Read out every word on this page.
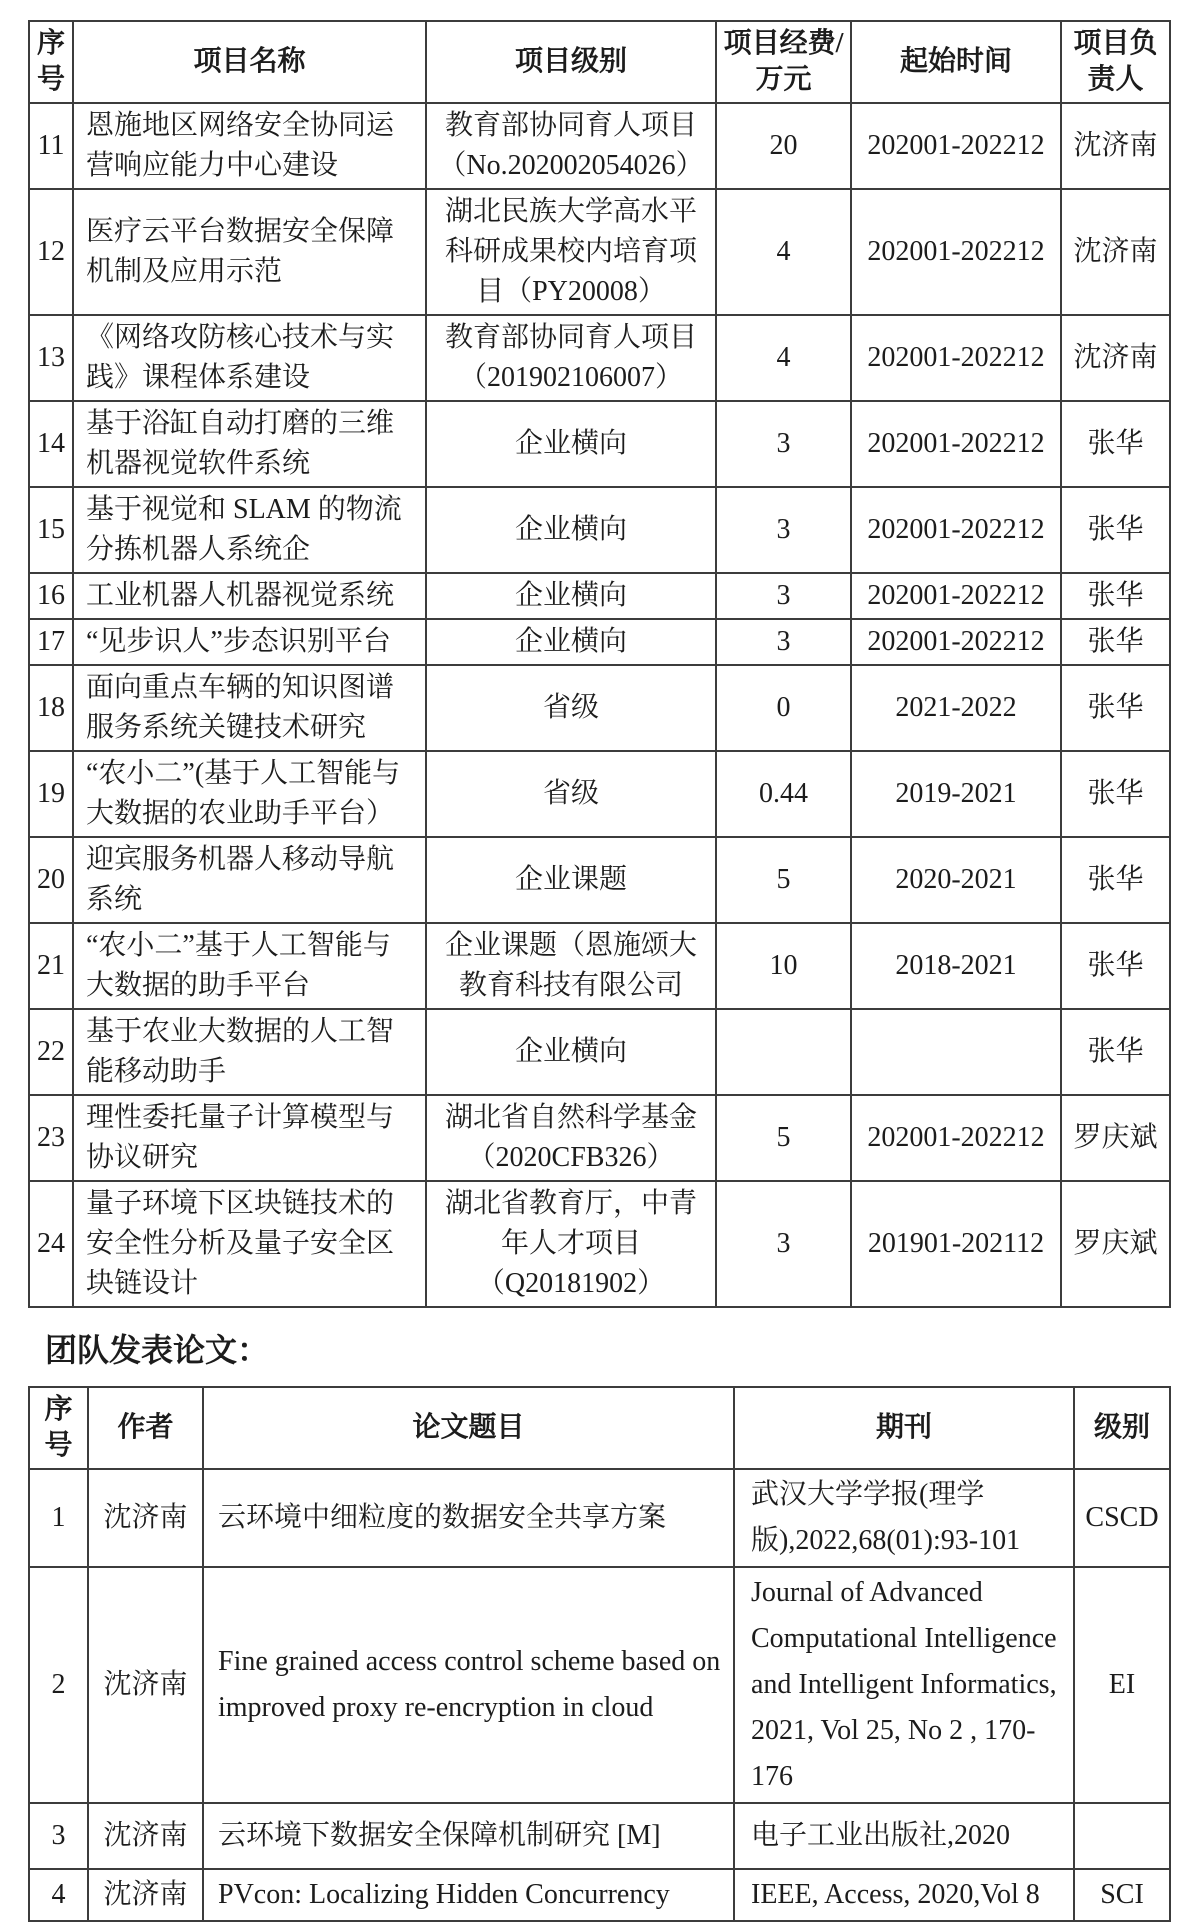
序号	项目名称	项目级别	项目经费/万元	起始时间	项目负责人
11	恩施地区网络安全协同运营响应能力中心建设	教育部协同育人项目（No.202002054026）	20	202001-202212	沈济南
12	医疗云平台数据安全保障机制及应用示范	湖北民族大学高水平科研成果校内培育项目（PY20008）	4	202001-202212	沈济南
13	《网络攻防核心技术与实践》课程体系建设	教育部协同育人项目（201902106007）	4	202001-202212	沈济南
14	基于浴缸自动打磨的三维机器视觉软件系统	企业横向	3	202001-202212	张华
15	基于视觉和 SLAM 的物流分拣机器人系统企	企业横向	3	202001-202212	张华
16	工业机器人机器视觉系统	企业横向	3	202001-202212	张华
17	“见步识人”步态识别平台	企业横向	3	202001-202212	张华
18	面向重点车辆的知识图谱服务系统关键技术研究	省级	0	2021-2022	张华
19	“农小二”(基于人工智能与大数据的农业助手平台）	省级	0.44	2019-2021	张华
20	迎宾服务机器人移动导航系统	企业课题	5	2020-2021	张华
21	“农小二”基于人工智能与大数据的助手平台	企业课题（恩施颂大教育科技有限公司	10	2018-2021	张华
22	基于农业大数据的人工智能移动助手	企业横向			张华
23	理性委托量子计算模型与协议研究	湖北省自然科学基金（2020CFB326）	5	202001-202212	罗庆斌
24	量子环境下区块链技术的安全性分析及量子安全区块链设计	湖北省教育厅，中青年人才项目（Q20181902）	3	201901-202112	罗庆斌
团队发表论文：
序号	作者	论文题目	期刊	级别
1	沈济南	云环境中细粒度的数据安全共享方案	武汉大学学报(理学版),2022,68(01):93-101	CSCD
2	沈济南	Fine grained access control scheme based on improved proxy re-encryption in cloud	Journal of Advanced Computational Intelligence and Intelligent Informatics, 2021, Vol 25, No 2 , 170-176	EI
3	沈济南	云环境下数据安全保障机制研究 [M]	电子工业出版社,2020	
4	沈济南	PVcon: Localizing Hidden Concurrency	IEEE, Access, 2020,Vol 8	SCI
